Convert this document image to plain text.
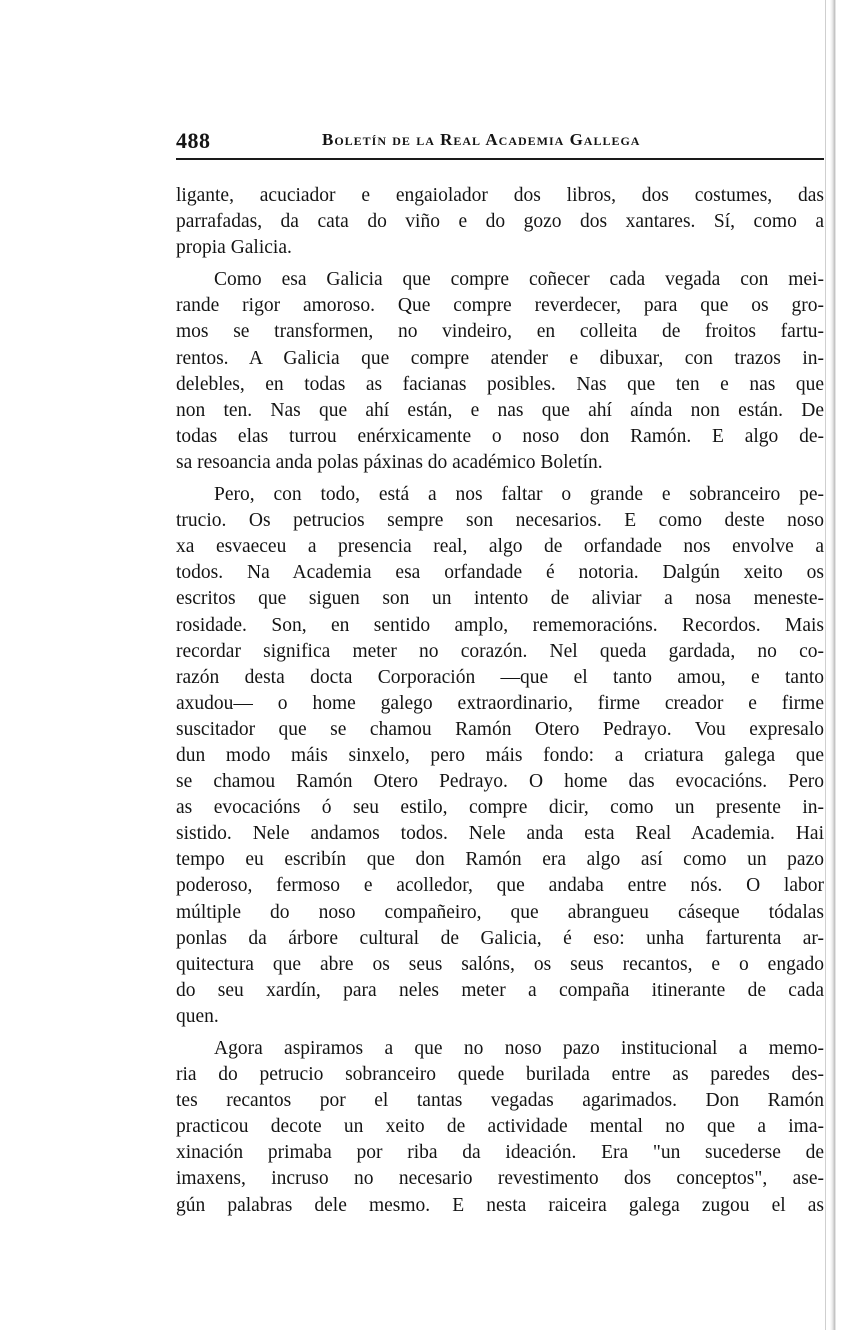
488	Boletín de la Real Academia Gallega
ligante, acuciador e engaiolador dos libros, dos costumes, das
parrafadas, da cata do viño e do gozo dos xantares. Sí, como a
propia Galicia.
Como esa Galicia que compre coñecer cada vegada con mei-
rande rigor amoroso. Que compre reverdecer, para que os gro-
mos se transformen, no vindeiro, en colleita de froitos fartu-
rentos. A Galicia que compre atender e dibuxar, con trazos in-
delebles, en todas as facianas posibles. Nas que ten e nas que
non ten. Nas que ahí están, e nas que ahí aínda non están. De
todas elas turrou enérxicamente o noso don Ramón. E algo de-
sa resoancia anda polas páxinas do académico Boletín.
Pero, con todo, está a nos faltar o grande e sobranceiro pe-
trucio. Os petrucios sempre son necesarios. E como deste noso
xa esvaeceu a presencia real, algo de orfandade nos envolve a
todos. Na Academia esa orfandade é notoria. Dalgún xeito os
escritos que siguen son un intento de aliviar a nosa meneste-
rosidade. Son, en sentido amplo, rememoracións. Recordos. Mais
recordar significa meter no corazón. Nel queda gardada, no co-
razón desta docta Corporación —que el tanto amou, e tanto
axudou— o home galego extraordinario, firme creador e firme
suscitador que se chamou Ramón Otero Pedrayo. Vou expresalo
dun modo máis sinxelo, pero máis fondo: a criatura galega que
se chamou Ramón Otero Pedrayo. O home das evocacións. Pero
as evocacións ó seu estilo, compre dicir, como un presente in-
sistido. Nele andamos todos. Nele anda esta Real Academia. Hai
tempo eu escribín que don Ramón era algo así como un pazo
poderoso, fermoso e acolledor, que andaba entre nós. O labor
múltiple do noso compañeiro, que abrangueu cáseque tódalas
ponlas da árbore cultural de Galicia, é eso: unha farturenta ar-
quitectura que abre os seus salóns, os seus recantos, e o engado
do seu xardín, para neles meter a compaña itinerante de cada
quen.
Agora aspiramos a que no noso pazo institucional a memo-
ria do petrucio sobranceiro quede burilada entre as paredes des-
tes recantos por el tantas vegadas agarimados. Don Ramón
practicou decote un xeito de actividade mental no que a ima-
xinación primaba por riba da ideación. Era "un sucederse de
imaxens, incruso no necesario revestimento dos conceptos", ase-
gún palabras dele mesmo. E nesta raiceira galega zugou el as
